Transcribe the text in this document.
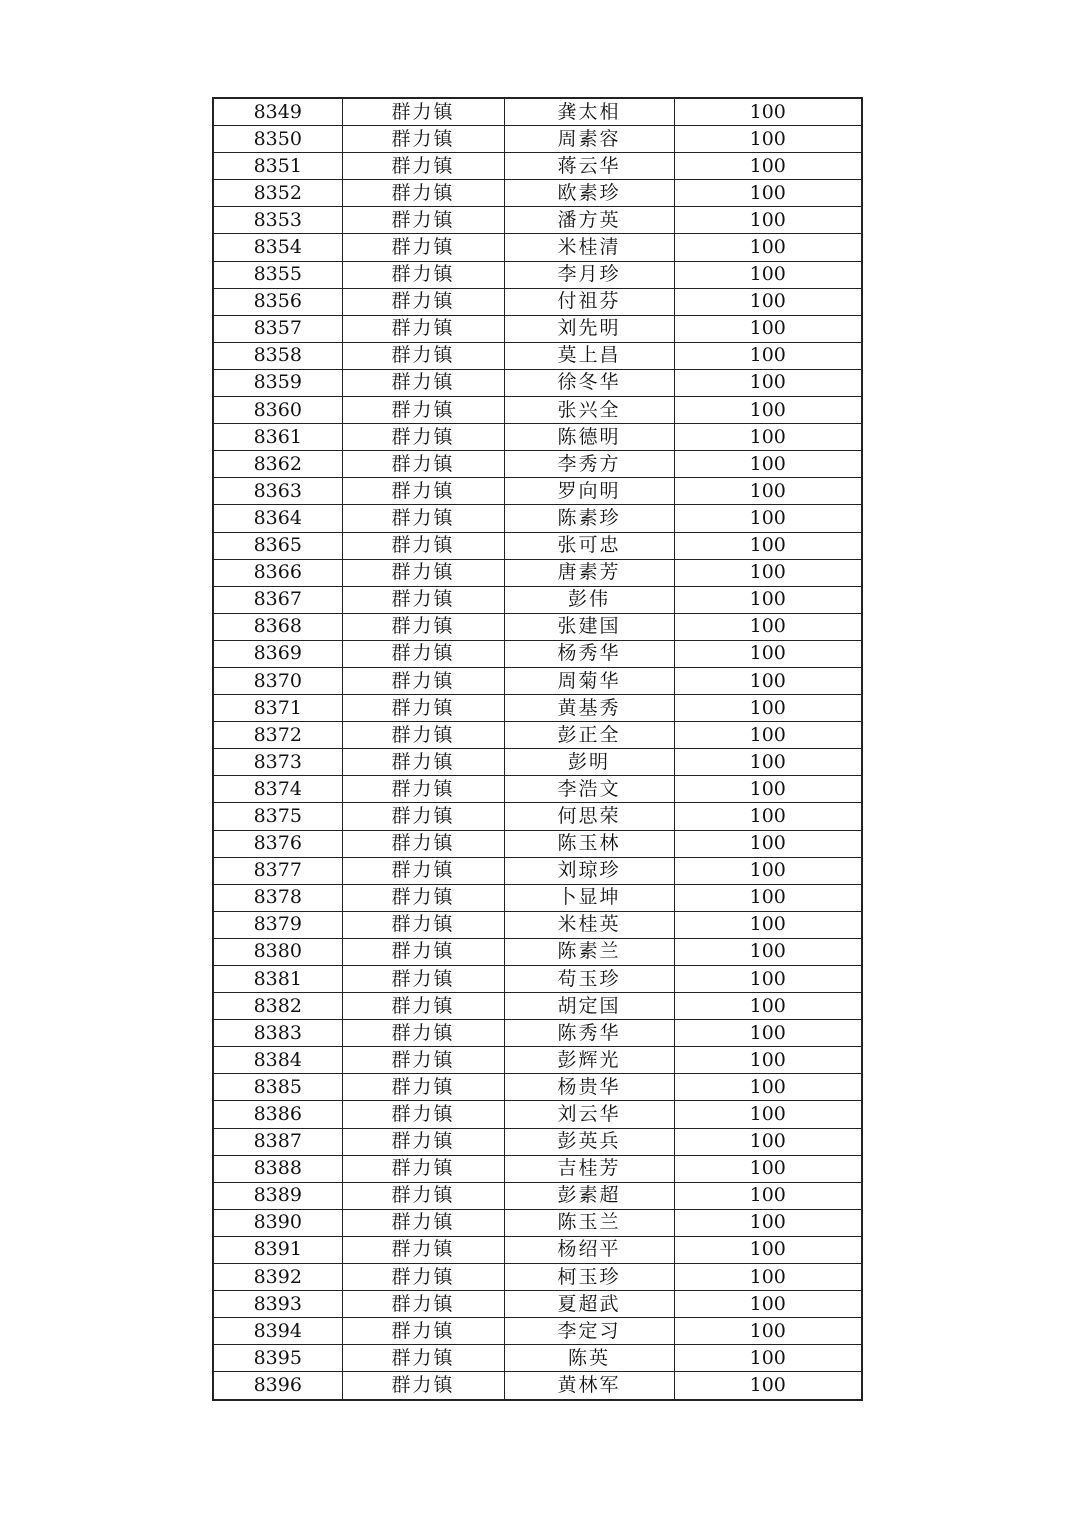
8349	群力镇	龚太相	100
8350	群力镇	周素容	100
8351	群力镇	蒋云华	100
8352	群力镇	欧素珍	100
8353	群力镇	潘方英	100
8354	群力镇	米桂清	100
8355	群力镇	李月珍	100
8356	群力镇	付祖芬	100
8357	群力镇	刘先明	100
8358	群力镇	莫上昌	100
8359	群力镇	徐冬华	100
8360	群力镇	张兴全	100
8361	群力镇	陈德明	100
8362	群力镇	李秀方	100
8363	群力镇	罗向明	100
8364	群力镇	陈素珍	100
8365	群力镇	张可忠	100
8366	群力镇	唐素芳	100
8367	群力镇	彭伟	100
8368	群力镇	张建国	100
8369	群力镇	杨秀华	100
8370	群力镇	周菊华	100
8371	群力镇	黄基秀	100
8372	群力镇	彭正全	100
8373	群力镇	彭明	100
8374	群力镇	李浩文	100
8375	群力镇	何思荣	100
8376	群力镇	陈玉林	100
8377	群力镇	刘琼珍	100
8378	群力镇	卜显坤	100
8379	群力镇	米桂英	100
8380	群力镇	陈素兰	100
8381	群力镇	苟玉珍	100
8382	群力镇	胡定国	100
8383	群力镇	陈秀华	100
8384	群力镇	彭辉光	100
8385	群力镇	杨贵华	100
8386	群力镇	刘云华	100
8387	群力镇	彭英兵	100
8388	群力镇	吉桂芳	100
8389	群力镇	彭素超	100
8390	群力镇	陈玉兰	100
8391	群力镇	杨绍平	100
8392	群力镇	柯玉珍	100
8393	群力镇	夏超武	100
8394	群力镇	李定习	100
8395	群力镇	陈英	100
8396	群力镇	黄林军	100
